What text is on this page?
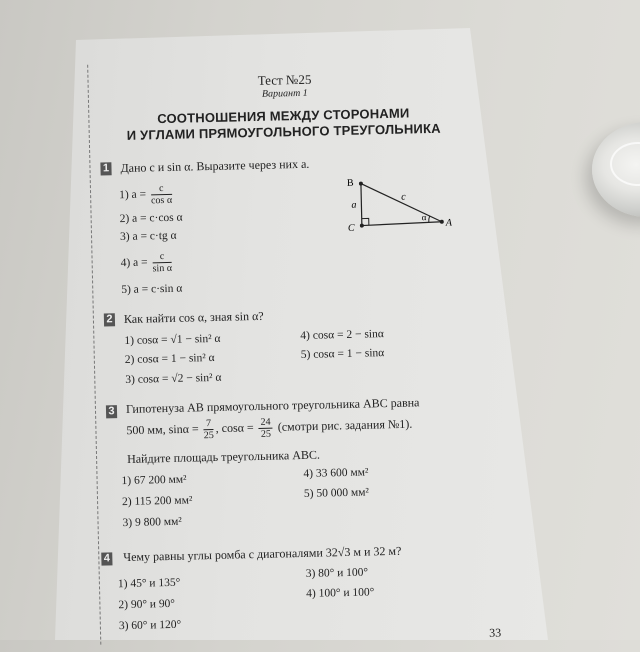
Тест №25
Вариант 1
СООТНОШЕНИЯ МЕЖДУ СТОРОНАМИ
И УГЛАМИ ПРЯМОУГОЛЬНОГО ТРЕУГОЛЬНИКА
1 Дано c и sin α. Выразите через них a.
1) $a = \frac{c}{\text{cos α}}$
2) a = c·cos α
3) a = c·tg α
4) $a = \frac{c}{\text{sin α}}$
5) a = c·sin α
B
C	A
a
c
α
2 Как найти cos α, зная sin α?
1) cosα = √1 − sin² α
2) cosα = 1 − sin² α
3) cosα = √2 − sin² α
4) cosα = 2 − sinα
5) cosα = 1 − sinα
3 Гипотенуза AB прямоугольного треугольника ABC равна
500 мм, $\sin\alpha = \frac{7}{25}$ , $\cos\alpha = \frac{24}{25}$ (смотри рис. задания №1).
Найдите площадь треугольника ABC.
1) 67 200 мм²
2) 115 200 мм²
3) 9 800 мм²
4) 33 600 мм²
5) 50 000 мм²
4 Чему равны углы ромба с диагоналями 32√3 м и 32 м?
1) 45° и 135°
2) 90° и 90°
3) 60° и 120°
3) 80° и 100°
4) 100° и 100°
33
